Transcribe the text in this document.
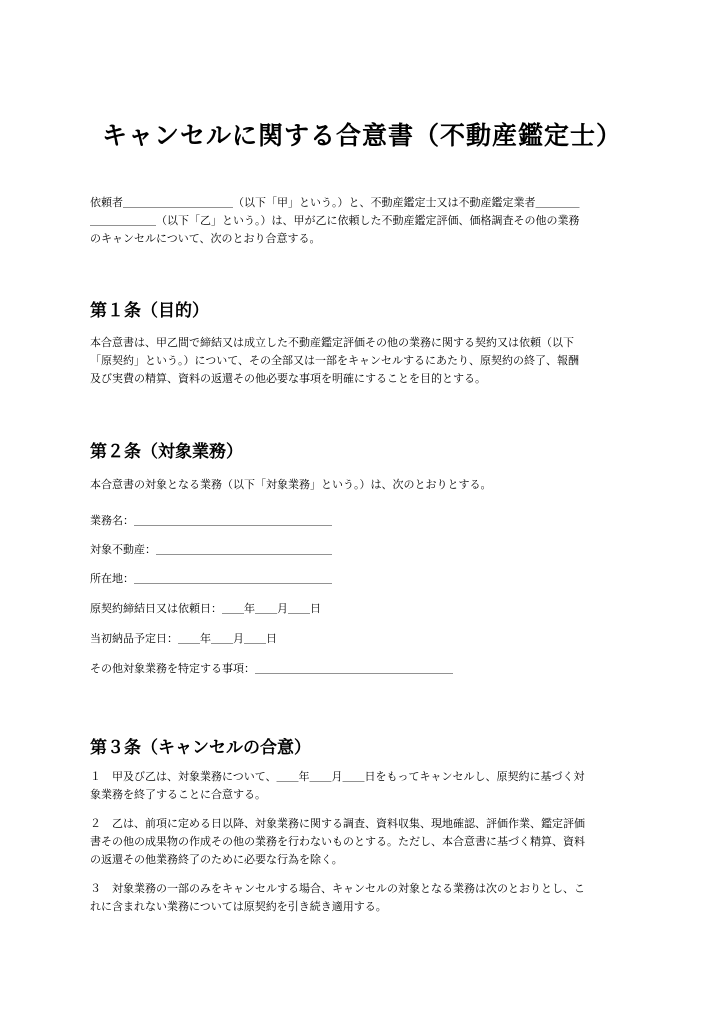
キャンセルに関する合意書（不動産鑑定士）

依頼者＿＿＿＿＿＿＿＿＿＿（以下「甲」という。）と、不動産鑑定士又は不動産鑑定業者＿＿＿＿
＿＿＿＿＿＿（以下「乙」という。）は、甲が乙に依頼した不動産鑑定評価、価格調査その他の業務
のキャンセルについて、次のとおり合意する。

第１条（目的）

本合意書は、甲乙間で締結又は成立した不動産鑑定評価その他の業務に関する契約又は依頼（以下
「原契約」という。）について、その全部又は一部をキャンセルするにあたり、原契約の終了、報酬
及び実費の精算、資料の返還その他必要な事項を明確にすることを目的とする。

第２条（対象業務）

本合意書の対象となる業務（以下「対象業務」という。）は、次のとおりとする。

業務名：＿＿＿＿＿＿＿＿＿＿＿＿＿＿＿＿＿＿
対象不動産：＿＿＿＿＿＿＿＿＿＿＿＿＿＿＿＿
所在地：＿＿＿＿＿＿＿＿＿＿＿＿＿＿＿＿＿＿
原契約締結日又は依頼日：＿＿年＿＿月＿＿日
当初納品予定日：＿＿年＿＿月＿＿日
その他対象業務を特定する事項：＿＿＿＿＿＿＿＿＿＿＿＿＿＿＿＿＿＿
第３条（キャンセルの合意）

１　甲及び乙は、対象業務について、＿＿年＿＿月＿＿日をもってキャンセルし、原契約に基づく対
象業務を終了することに合意する。

２　乙は、前項に定める日以降、対象業務に関する調査、資料収集、現地確認、評価作業、鑑定評価
書その他の成果物の作成その他の業務を行わないものとする。ただし、本合意書に基づく精算、資料
の返還その他業務終了のために必要な行為を除く。

３　対象業務の一部のみをキャンセルする場合、キャンセルの対象となる業務は次のとおりとし、こ
れに含まれない業務については原契約を引き続き適用する。
